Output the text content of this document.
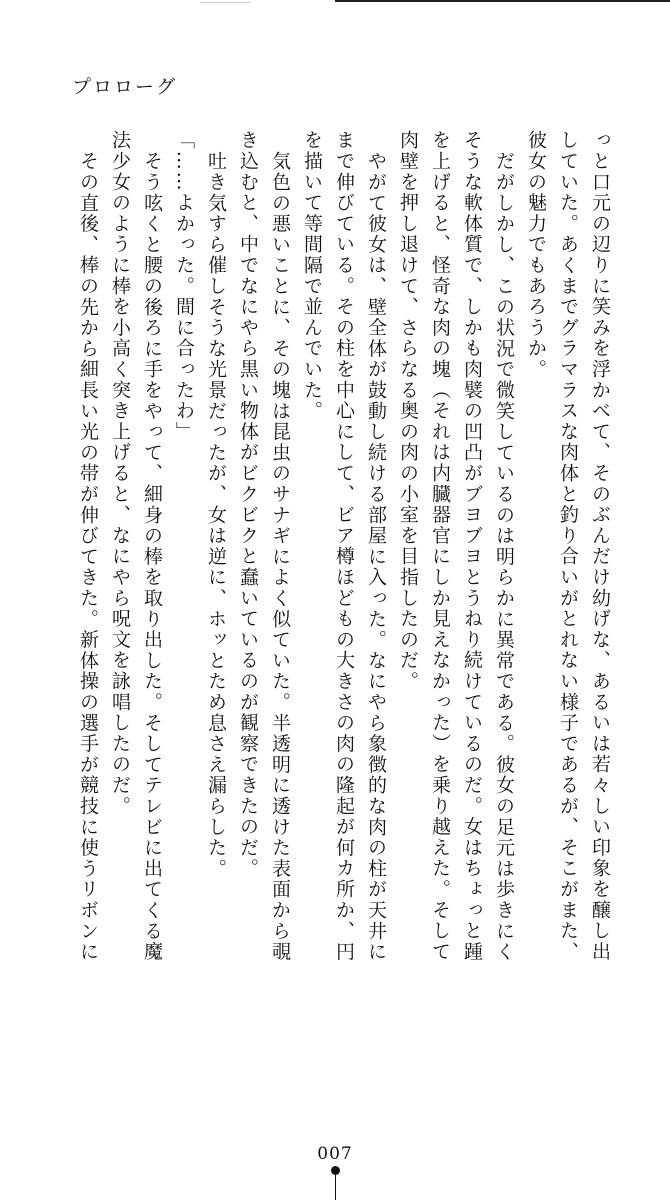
プロローグ
っと口元の辺りに笑みを浮かべて、そのぶんだけ幼げな、あるいは若々しい印象を醸し出
していた。あくまでグラマラスな肉体と釣り合いがとれない様子であるが、そこがまた、
彼女の魅力でもあろうか。
だがしかし、この状況で微笑しているのは明らかに異常である。彼女の足元は歩きにく
そうな軟体質で、しかも肉襞の凹凸がブヨブヨとうねり続けているのだ。女はちょっと踵
を上げると、怪奇な肉の塊（それは内臓器官にしか見えなかった）を乗り越えた。そして
肉壁を押し退けて、さらなる奥の肉の小室を目指したのだ。
やがて彼女は、壁全体が鼓動し続ける部屋に入った。なにやら象徴的な肉の柱が天井に
まで伸びている。その柱を中心にして、ビア樽ほどもの大きさの肉の隆起が何カ所か、円
を描いて等間隔で並んでいた。
気色の悪いことに、その塊は昆虫のサナギによく似ていた。半透明に透けた表面から覗
き込むと、中でなにやら黒い物体がビクビクと蠢いているのが観察できたのだ。
吐き気すら催しそうな光景だったが、女は逆に、ホッとため息さえ漏らした。
「……よかった。間に合ったわ」
そう呟くと腰の後ろに手をやって、細身の棒を取り出した。そしてテレビに出てくる魔
法少女のように棒を小高く突き上げると、なにやら呪文を詠唱したのだ。
その直後、棒の先から細長い光の帯が伸びてきた。新体操の選手が競技に使うリボンに
007
